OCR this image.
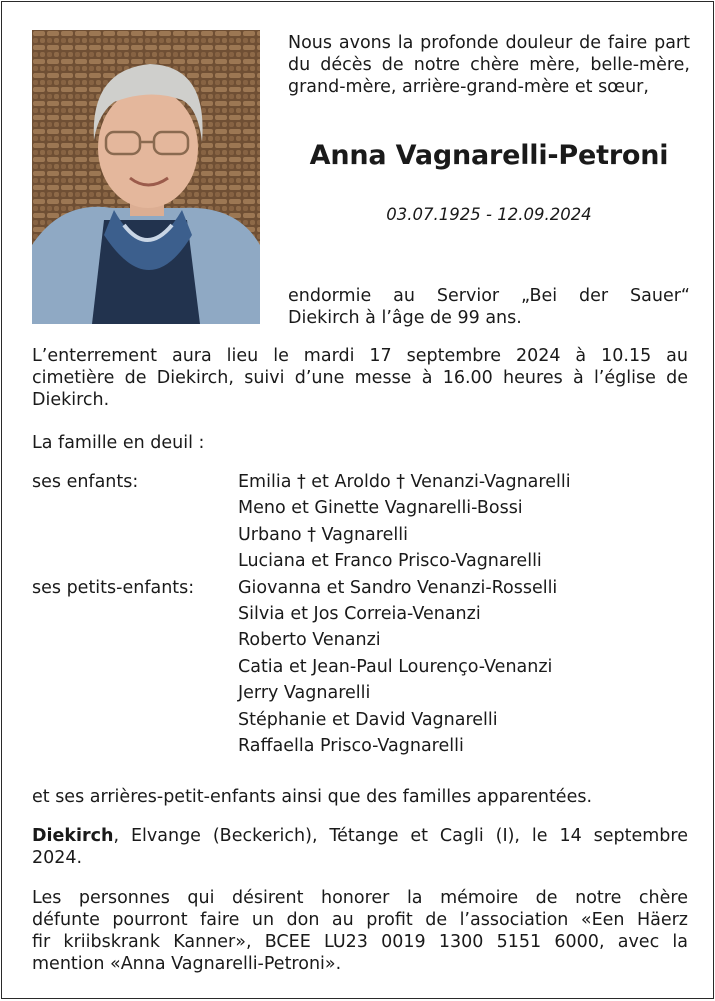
Nous avons la profonde douleur de faire part du décès de notre chère mère, belle-mère, grand-mère, arrière-grand-mère et sœur,
Anna Vagnarelli-Petroni
03.07.1925 - 12.09.2024
endormie au Servior „Bei der Sauer“
Diekirch à l’âge de 99 ans.
L’enterrement aura lieu le mardi 17 septembre 2024 à 10.15 au
cimetière de Diekirch, suivi d’une messe à 16.00 heures à l’église de
Diekirch.
La famille en deuil :
ses enfants:	Emilia † et Aroldo † Venanzi-Vagnarelli
Meno et Ginette Vagnarelli-Bossi
Urbano † Vagnarelli
Luciana et Franco Prisco-Vagnarelli
ses petits-enfants:	Giovanna et Sandro Venanzi-Rosselli
Silvia et Jos Correia-Venanzi
Roberto Venanzi
Catia et Jean-Paul Lourenço-Venanzi
Jerry Vagnarelli
Stéphanie et David Vagnarelli
Raffaella Prisco-Vagnarelli
et ses arrières-petit-enfants ainsi que des familles apparentées.
Diekirch, Elvange (Beckerich), Tétange et Cagli (I), le 14 septembre
2024.
Les personnes qui désirent honorer la mémoire de notre chère
défunte pourront faire un don au profit de l’association «Een Häerz
fir kriibskrank Kanner», BCEE LU23 0019 1300 5151 6000, avec la
mention «Anna Vagnarelli-Petroni».
